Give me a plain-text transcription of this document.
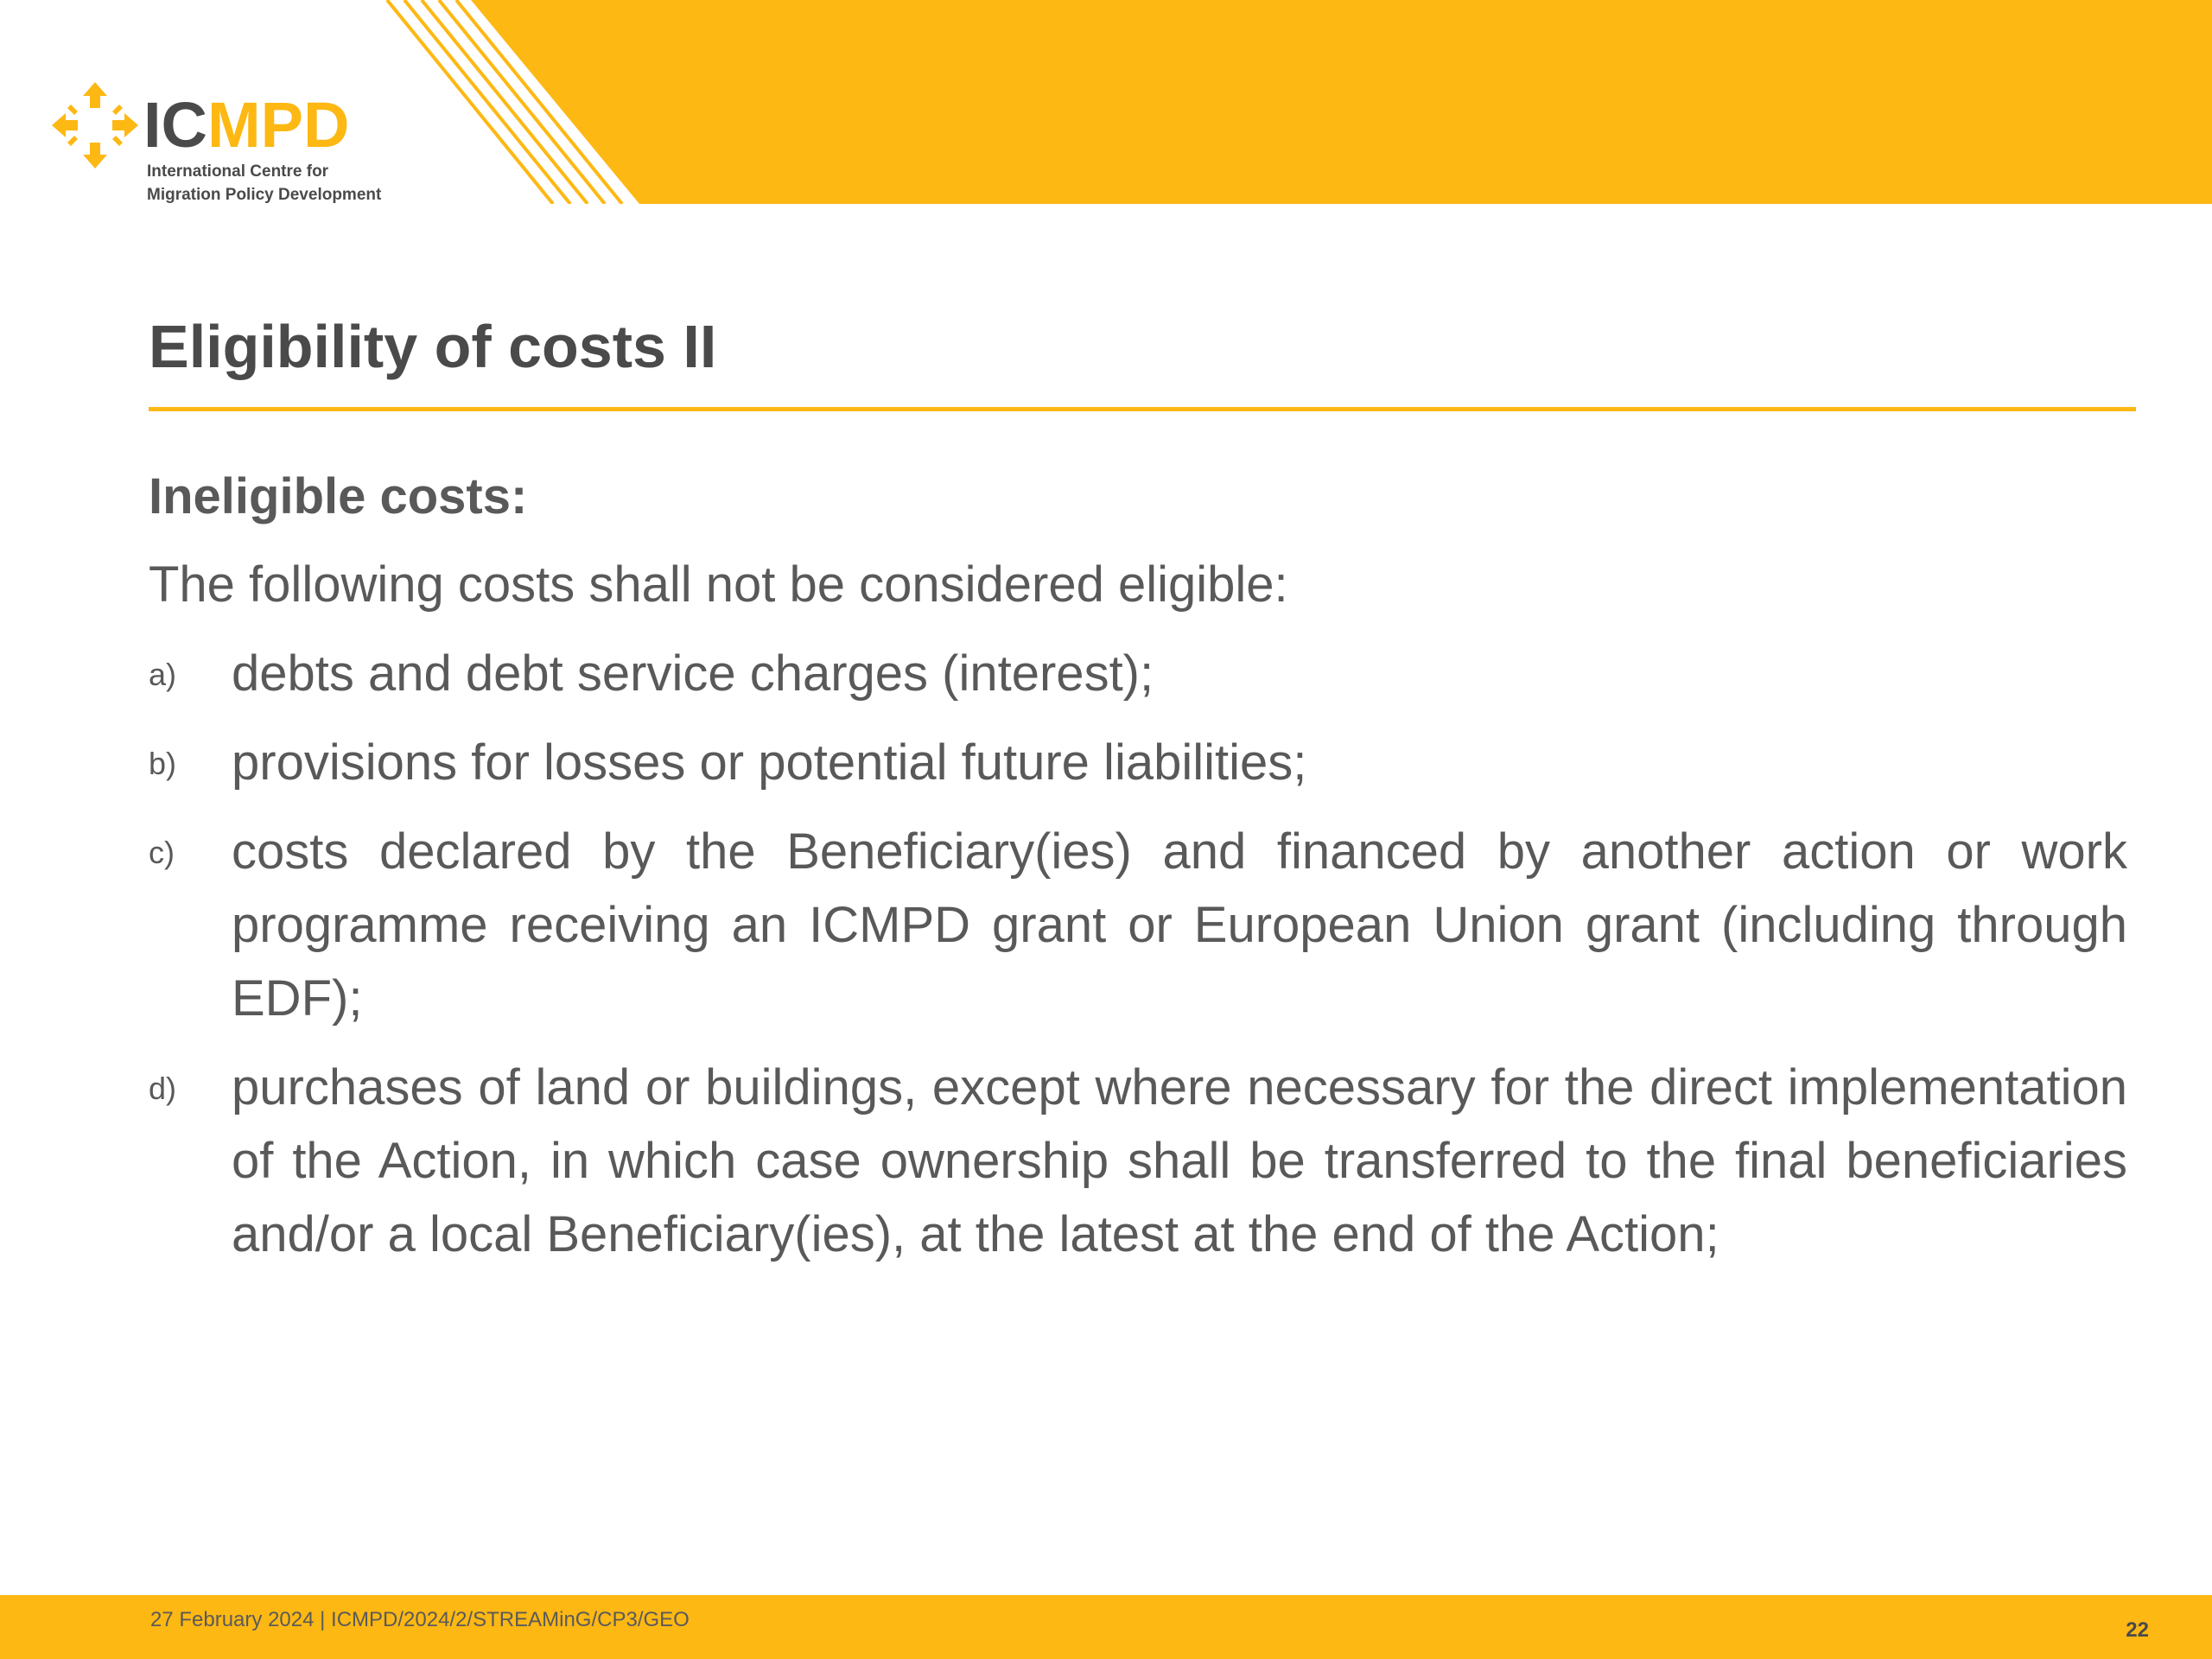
ICMPD
International Centre for
Migration Policy Development
Eligibility of costs II

Ineligible costs:

The following costs shall not be considered eligible:

a) debts and debt service charges (interest);
b) provisions for losses or potential future liabilities;
c) costs declared by the Beneficiary(ies) and financed by another action or work programme receiving an ICMPD grant or European Union grant (including through EDF);
d) purchases of land or buildings, except where necessary for the direct implementation of the Action, in which case ownership shall be transferred to the final beneficiaries and/or a local Beneficiary(ies), at the latest at the end of the Action;
27 February 2024 | ICMPD/2024/2/STREAMinG/CP3/GEO	22
